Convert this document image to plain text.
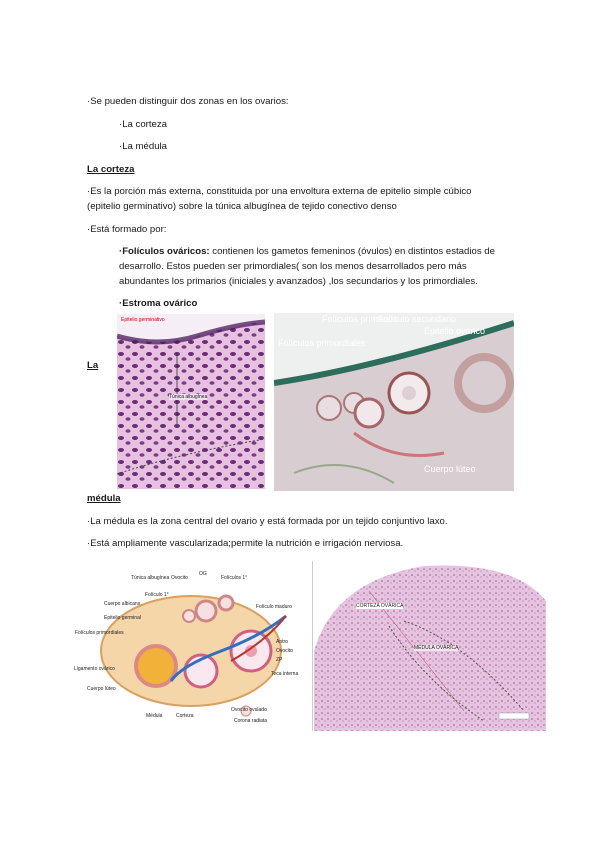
·Se pueden distinguir dos zonas en los ovarios:
·La corteza
·La médula
La corteza
·Es la porción más externa, constituida por una envoltura externa de epitelio simple cúbico
(epitelio germinativo) sobre la túnica albugínea de tejido conectivo denso
·Está formado por:
·Folículos ováricos: contienen los gametos femeninos (óvulos) en distintos estadios de
desarrollo. Estos pueden ser primordiales( son los menos desarrollados pero más
abundantes los primarios (iniciales y avanzados) ,los secundarios y los primordiales.
·Estroma ovárico
La
Epitelio germinativo
Túnica albugínea
Folículos primarios
Folículo secundario
Epitelio ovárico
Folículos primordiales
Cuerpo lúteo
médula
·La médula es la zona central del ovario y está formada por un tejido conjuntivo laxo.
·Está ampliamente vascularizada;permite la nutrición e irrigación nerviosa.
Túnica albugínea Ovocito
OG
Folículos 1°
Cuerpo albicans
Folículo 1°
Folículo maduro
Epitelio germinal
Folículos primordiales
Antro
Ovocito
ZP
Ligamento ovárico
Teca interna
Cuerpo lúteo
Médula	Corteza
Ovocito ovulado
Corona radiata
CORTEZA OVÁRICA
MÉDULA OVÁRICA
